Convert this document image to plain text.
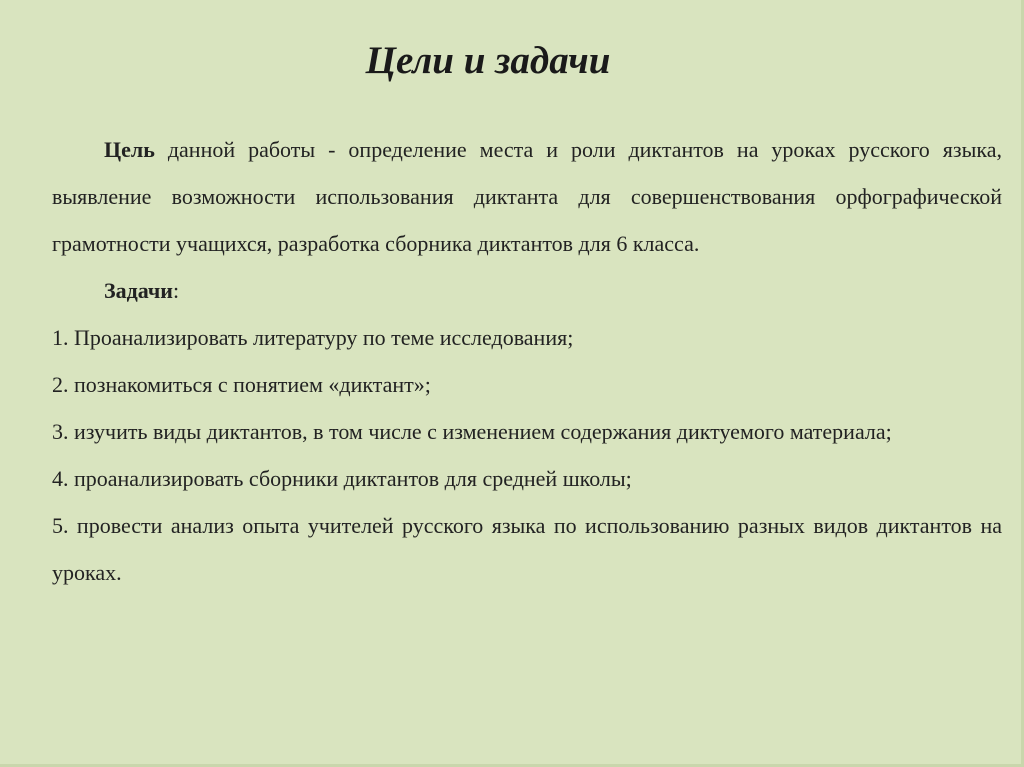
Цели и задачи

Цель данной работы - определение места и роли диктантов на уроках русского языка, выявление возможности использования диктанта для совершенствования орфографической грамотности учащихся, разработка сборника диктантов для 6 класса.

Задачи:

1. Проанализировать литературу по теме исследования;

2. познакомиться с понятием «диктант»;

3. изучить виды диктантов, в том числе с изменением содержания диктуемого материала;

4. проанализировать сборники диктантов для средней школы;

5. провести анализ опыта учителей русского языка по использованию разных видов диктантов на уроках.
